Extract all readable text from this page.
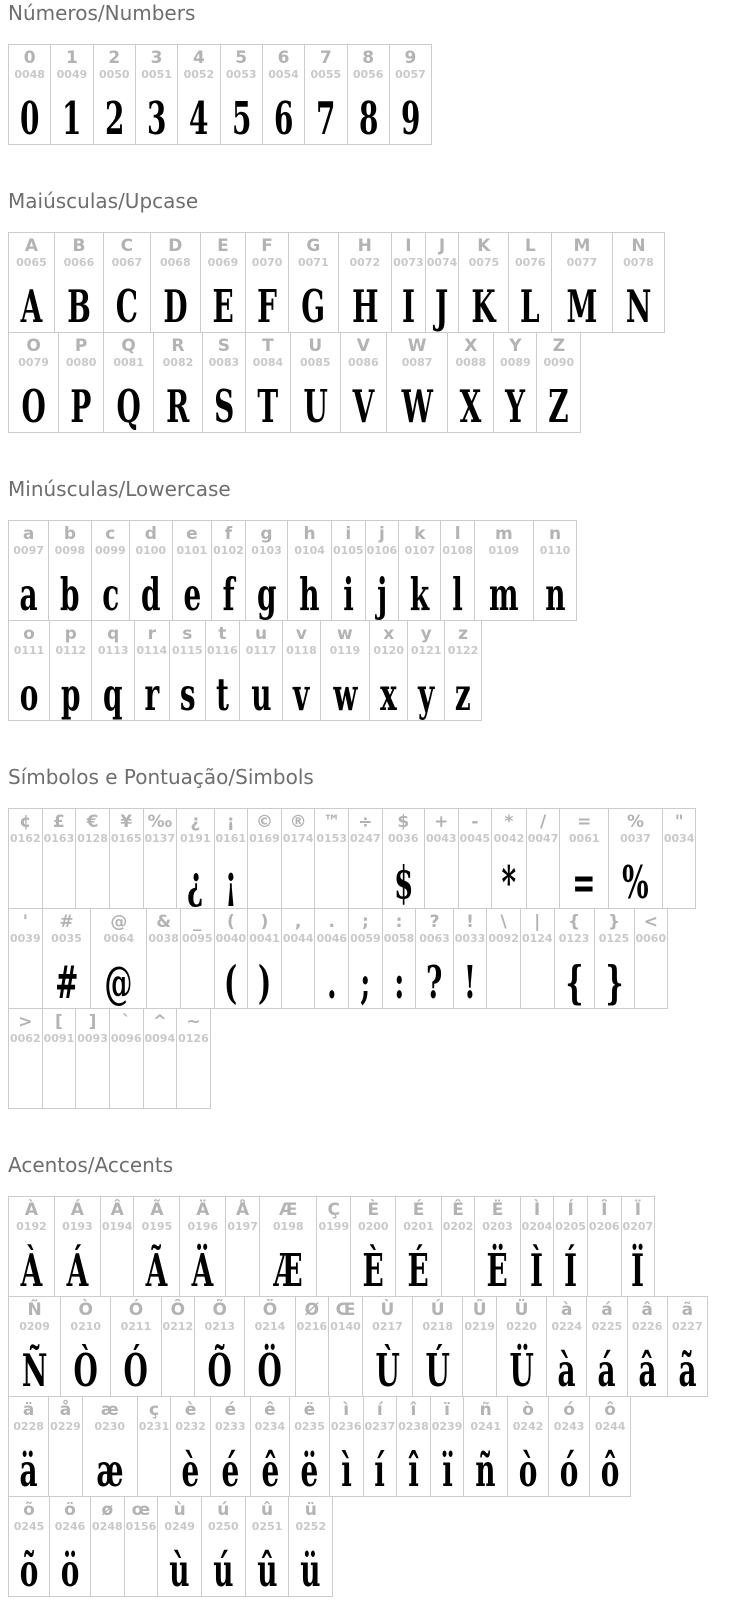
Números/Numbers
0
0048
0

1
0049
1

2
0050
2

3
0051
3

4
0052
4

5
0053
5

6
0054
6

7
0055
7

8
0056
8

9
0057
9
Maiúsculas/Upcase
A
0065
A

B
0066
B

C
0067
C

D
0068
D

E
0069
E

F
0070
F

G
0071
G

H
0072
H

I
0073
I

J
0074
J

K
0075
K

L
0076
L

M
0077
M

N
0078
N
O
0079
O

P
0080
P

Q
0081
Q

R
0082
R

S
0083
S

T
0084
T

U
0085
U

V
0086
V

W
0087
W

X
0088
X

Y
0089
Y

Z
0090
Z
Minúsculas/Lowercase
a
0097
a

b
0098
b

c
0099
c

d
0100
d

e
0101
e

f
0102
f

g
0103
g

h
0104
h

i
0105
i

j
0106
j

k
0107
k

l
0108
l

m
0109
m

n
0110
n
o
0111
o

p
0112
p

q
0113
q

r
0114
r

s
0115
s

t
0116
t

u
0117
u

v
0118
v

w
0119
w

x
0120
x

y
0121
y

z
0122
z
Símbolos e Pontuação/Simbols
¢
0162

£
0163

€
0128

¥
0165

‰
0137

¿
0191
¿

¡
0161
¡

©
0169

®
0174

™
0153

÷
0247

$
0036
$

+
0043

-
0045

*
0042
*

/
0047

=
0061
=

%
0037
%

"
0034
'
0039

#
0035
#

@
0064
@

&
0038

_
0095

(
0040
(

)
0041
)

,
0044

.
0046
.

;
0059
;

:
0058
:

?
0063
?

!
0033
!

\
0092

|
0124

{
0123
{

}
0125
}

<
0060
>
0062

[
0091

]
0093

`
0096

^
0094

~
0126
Acentos/Accents
À
0192
À

Á
0193
Á

Â
0194

Ã
0195
Ã

Ä
0196
Ä

Å
0197

Æ
0198
Æ

Ç
0199

È
0200
È

É
0201
É

Ê
0202

Ë
0203
Ë

Ì
0204
Ì

Í
0205
Í

Î
0206

Ï
0207
Ï
Ñ
0209
Ñ

Ò
0210
Ò

Ó
0211
Ó

Ô
0212

Õ
0213
Õ

Ö
0214
Ö

Ø
0216

Œ
0140

Ù
0217
Ù

Ú
0218
Ú

Û
0219

Ü
0220
Ü

à
0224
à

á
0225
á

â
0226
â

ã
0227
ã
ä
0228
ä

å
0229

æ
0230
æ

ç
0231

è
0232
è

é
0233
é

ê
0234
ê

ë
0235
ë

ì
0236
ì

í
0237
í

î
0238
î

ï
0239
ï

ñ
0241
ñ

ò
0242
ò

ó
0243
ó

ô
0244
ô
õ
0245
õ

ö
0246
ö

ø
0248

œ
0156

ù
0249
ù

ú
0250
ú

û
0251
û

ü
0252
ü
